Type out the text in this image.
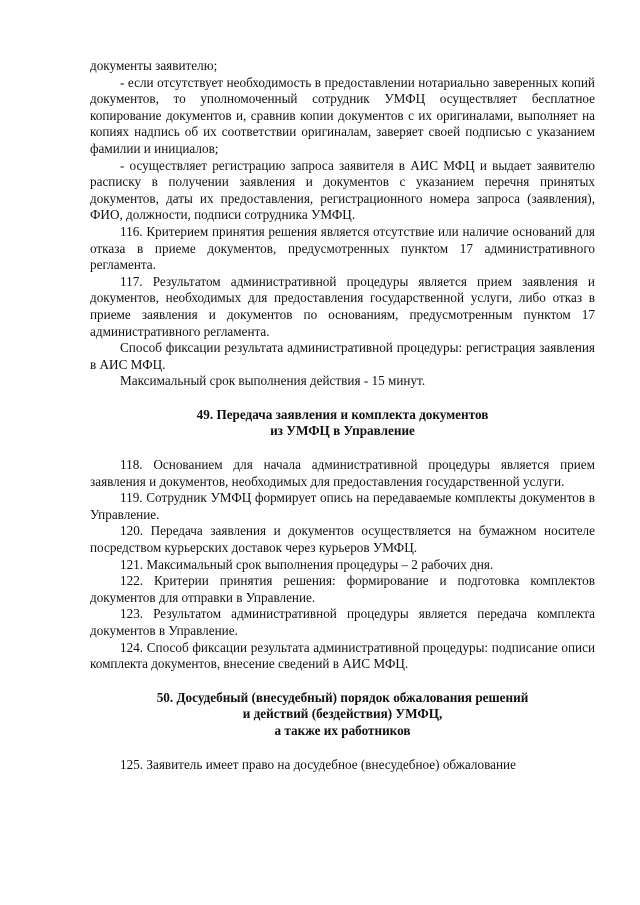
документы заявителю;

- если отсутствует необходимость в предоставлении нотариально заверенных копий документов, то уполномоченный сотрудник УМФЦ осуществляет бесплатное копирование документов и, сравнив копии документов с их оригиналами, выполняет на копиях надпись об их соответствии оригиналам, заверяет своей подписью с указанием фамилии и инициалов;

- осуществляет регистрацию запроса заявителя в АИС МФЦ и выдает заявителю расписку в получении заявления и документов с указанием перечня принятых документов, даты их предоставления, регистрационного номера запроса (заявления), ФИО, должности, подписи сотрудника УМФЦ.

116. Критерием принятия решения является отсутствие или наличие оснований для отказа в приеме документов, предусмотренных пунктом 17 административного регламента.

117. Результатом административной процедуры является прием заявления и документов, необходимых для предоставления государственной услуги, либо отказ в приеме заявления и документов по основаниям, предусмотренным пунктом 17 административного регламента.

Способ фиксации результата административной процедуры: регистрация заявления в АИС МФЦ.

Максимальный срок выполнения действия - 15 минут.

49. Передача заявления и комплекта документов

из УМФЦ в Управление

118. Основанием для начала административной процедуры является прием заявления и документов, необходимых для предоставления государственной услуги.

119. Сотрудник УМФЦ формирует опись на передаваемые комплекты документов в Управление.

120. Передача заявления и документов осуществляется на бумажном носителе посредством курьерских доставок через курьеров УМФЦ.

121. Максимальный срок выполнения процедуры – 2 рабочих дня.

122. Критерии принятия решения: формирование и подготовка комплектов документов для отправки в Управление.

123. Результатом административной процедуры является передача комплекта документов в Управление.

124. Способ фиксации результата административной процедуры: подписание описи комплекта документов, внесение сведений в АИС МФЦ.

50. Досудебный (внесудебный) порядок обжалования решений

и действий (бездействия) УМФЦ,

а также их работников

125. Заявитель имеет право на досудебное (внесудебное) обжалование
